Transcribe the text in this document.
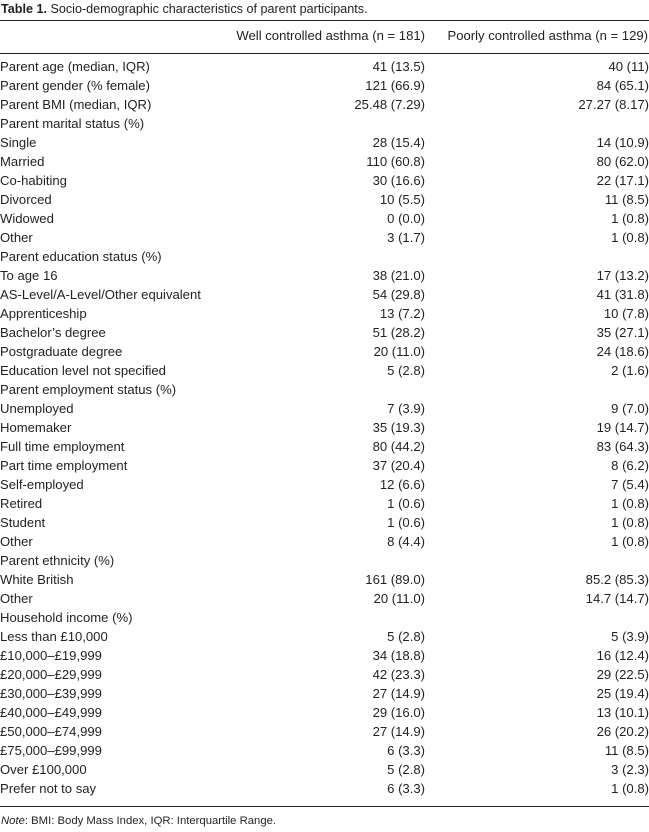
Table 1. Socio-demographic characteristics of parent participants.
Well controlled asthma (n = 181) Poorly controlled asthma (n = 129)
Parent age (median, IQR)	41 (13.5)	40 (11)
Parent gender (% female)	121 (66.9)	84 (65.1)
Parent BMI (median, IQR)	25.48 (7.29)	27.27 (8.17)
Parent marital status (%)		
Single	28 (15.4)	14 (10.9)
Married	110 (60.8)	80 (62.0)
Co-habiting	30 (16.6)	22 (17.1)
Divorced	10 (5.5)	11 (8.5)
Widowed	0 (0.0)	1 (0.8)
Other	3 (1.7)	1 (0.8)
Parent education status (%)		
To age 16	38 (21.0)	17 (13.2)
AS-Level/A-Level/Other equivalent	54 (29.8)	41 (31.8)
Apprenticeship	13 (7.2)	10 (7.8)
Bachelor’s degree	51 (28.2)	35 (27.1)
Postgraduate degree	20 (11.0)	24 (18.6)
Education level not specified	5 (2.8)	2 (1.6)
Parent employment status (%)		
Unemployed	7 (3.9)	9 (7.0)
Homemaker	35 (19.3)	19 (14.7)
Full time employment	80 (44.2)	83 (64.3)
Part time employment	37 (20.4)	8 (6.2)
Self-employed	12 (6.6)	7 (5.4)
Retired	1 (0.6)	1 (0.8)
Student	1 (0.6)	1 (0.8)
Other	8 (4.4)	1 (0.8)
Parent ethnicity (%)		
White British	161 (89.0)	85.2 (85.3)
Other	20 (11.0)	14.7 (14.7)
Household income (%)		
Less than £10,000	5 (2.8)	5 (3.9)
£10,000–£19,999	34 (18.8)	16 (12.4)
£20,000–£29,999	42 (23.3)	29 (22.5)
£30,000–£39,999	27 (14.9)	25 (19.4)
£40,000–£49,999	29 (16.0)	13 (10.1)
£50,000–£74,999	27 (14.9)	26 (20.2)
£75,000–£99,999	6 (3.3)	11 (8.5)
Over £100,000	5 (2.8)	3 (2.3)
Prefer not to say	6 (3.3)	1 (0.8)
Note: BMI: Body Mass Index, IQR: Interquartile Range.
